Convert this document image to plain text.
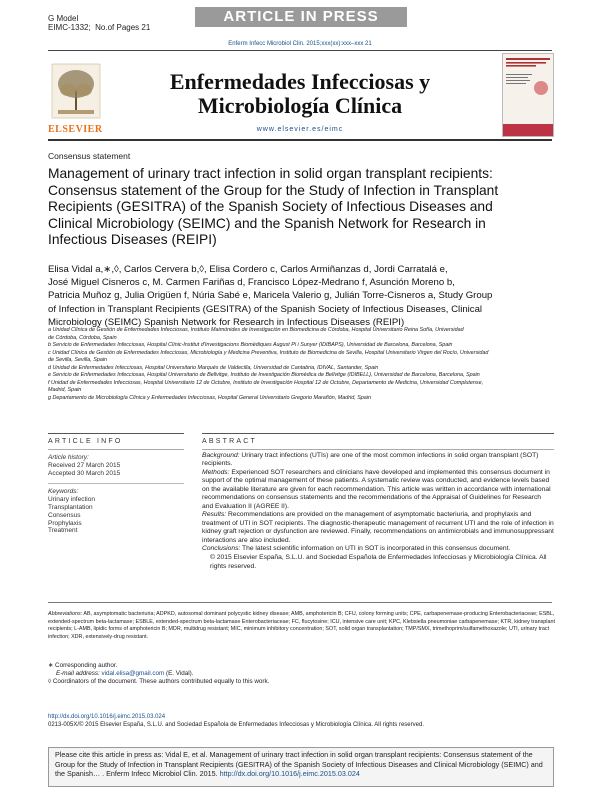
G Model
EIMC-1332; No.of Pages 21
ARTICLE IN PRESS
Enferm Infecc Microbiol Clin. 2015;xxx(xx):xxx–xxx 21
ELSEVIER
Enfermedades Infecciosas y
Microbiología Clínica
www.elsevier.es/eimc
Consensus statement
Management of urinary tract infection in solid organ transplant recipients: Consensus statement of the Group for the Study of Infection in Transplant Recipients (GESITRA) of the Spanish Society of Infectious Diseases and Clinical Microbiology (SEIMC) and the Spanish Network for Research in Infectious Diseases (REIPI)
Elisa Vidal a,∗,◊, Carlos Cervera b,◊, Elisa Cordero c, Carlos Armiñanzas d, Jordi Carratalá e,
José Miguel Cisneros c, M. Carmen Fariñas d, Francisco López-Medrano f, Asunción Moreno b,
Patricia Muñoz g, Julia Origüen f, Núria Sabé e, Maricela Valerio g, Julián Torre-Cisneros a, Study Group
of Infection in Transplant Recipients (GESITRA) of the Spanish Society of Infectious Diseases, Clinical
Microbiology (SEIMC) Spanish Network for Research in Infectious Diseases (REIPI)
a Unidad Clínica de Gestión de Enfermedades Infecciosas, Instituto Maimónides de Investigación en Biomedicina de Córdoba, Hospital Universitario Reina Sofía, Universidad
de Córdoba, Córdoba, Spain
b Servicio de Enfermedades Infecciosas, Hospital Clínic-Institut d'Investigacions Biomèdiques August Pi i Sunyer (IDIBAPS), Universidad de Barcelona, Barcelona, Spain
c Unidad Clínica de Gestión de Enfermedades Infecciosas, Microbiología y Medicina Preventiva, Instituto de Biomedicina de Sevilla, Hospital Universitario Virgen del Rocío, Universidad
de Sevilla, Sevilla, Spain
d Unidad de Enfermedades Infecciosas, Hospital Universitario Marqués de Valdecilla, Universidad de Cantabria, IDIVAL, Santander, Spain
e Servicio de Enfermedades Infecciosas, Hospital Universitario de Bellvitge, Instituto de Investigación Biomédica de Bellvitge (IDIBELL), Universidad de Barcelona, Barcelona, Spain
f Unidad de Enfermedades Infecciosas, Hospital Universitario 12 de Octubre, Instituto de Investigación Hospital 12 de Octubre, Departamento de Medicina, Universidad Complutense,
Madrid, Spain
g Departamento de Microbiología Clínica y Enfermedades Infecciosas, Hospital General Universitario Gregorio Marañón, Madrid, Spain
ARTICLE INFO	ABSTRACT
Article history:
Received 27 March 2015
Accepted 30 March 2015
Keywords:
Urinary infection
Transplantation
Consensus
Prophylaxis
Treatment

Background: Urinary tract infections (UTIs) are one of the most common infections in solid organ transplant (SOT) recipients.

Methods: Experienced SOT researchers and clinicians have developed and implemented this consensus document in support of the optimal management of these patients. A systematic review was conducted, and evidence levels based on the available literature are given for each recommendation. This article was written in accordance with international recommendations on consensus statements and the recommendations of the Appraisal of Guidelines for Research and Evaluation II (AGREE II).

Results: Recommendations are provided on the management of asymptomatic bacteriuria, and prophylaxis and treatment of UTI in SOT recipients. The diagnostic-therapeutic management of recurrent UTI and the role of infection in kidney graft rejection or dysfunction are reviewed. Finally, recommendations on antimicrobials and immunosuppressant interactions are also included.

Conclusions: The latest scientific information on UTI in SOT is incorporated in this consensus document.

© 2015 Elsevier España, S.L.U. and Sociedad Española de Enfermedades Infecciosas y Microbiología Clínica. All rights reserved.

Abbreviations: AB, asymptomatic bacteriuria; ADPKD, autosomal dominant polycystic kidney disease; AMB, amphotericin B; CFU, colony forming units; CPE, carbapenemase-producing Enterobacteriaceae; ESBL, extended-spectrum beta-lactamase; ESBLE, extended-spectrum beta-lactamase Enterobacteriaceae; FC, flucytosine; ICU, intensive care unit; KPC, Klebsiella pneumoniae carbapenemase; KTR, kidney transplant recipients; L-AMB, lipidic forms of amphotericin B; MDR, multidrug resistant; MIC, minimum inhibitory concentration; SOT, solid organ transplantation; TMP/SMX, trimethoprim/sulfamethoxazole; UTI, urinary tract infection; XDR, extensively-drug resistant.
∗ Corresponding author.
E-mail address: vidal.elisa@gmail.com (E. Vidal).
◊ Coordinators of the document. These authors contributed equally to this work.
http://dx.doi.org/10.1016/j.eimc.2015.03.024
0213-005X/© 2015 Elsevier España, S.L.U. and Sociedad Española de Enfermedades Infecciosas y Microbiología Clínica. All rights reserved.
Please cite this article in press as: Vidal E, et al. Management of urinary tract infection in solid organ transplant recipients: Consensus statement of the Group for the Study of Infection in Transplant Recipients (GESITRA) of the Spanish Society of Infectious Diseases and Clinical Microbiology (SEIMC) and the Spanish… . Enferm Infecc Microbiol Clin. 2015. http://dx.doi.org/10.1016/j.eimc.2015.03.024
